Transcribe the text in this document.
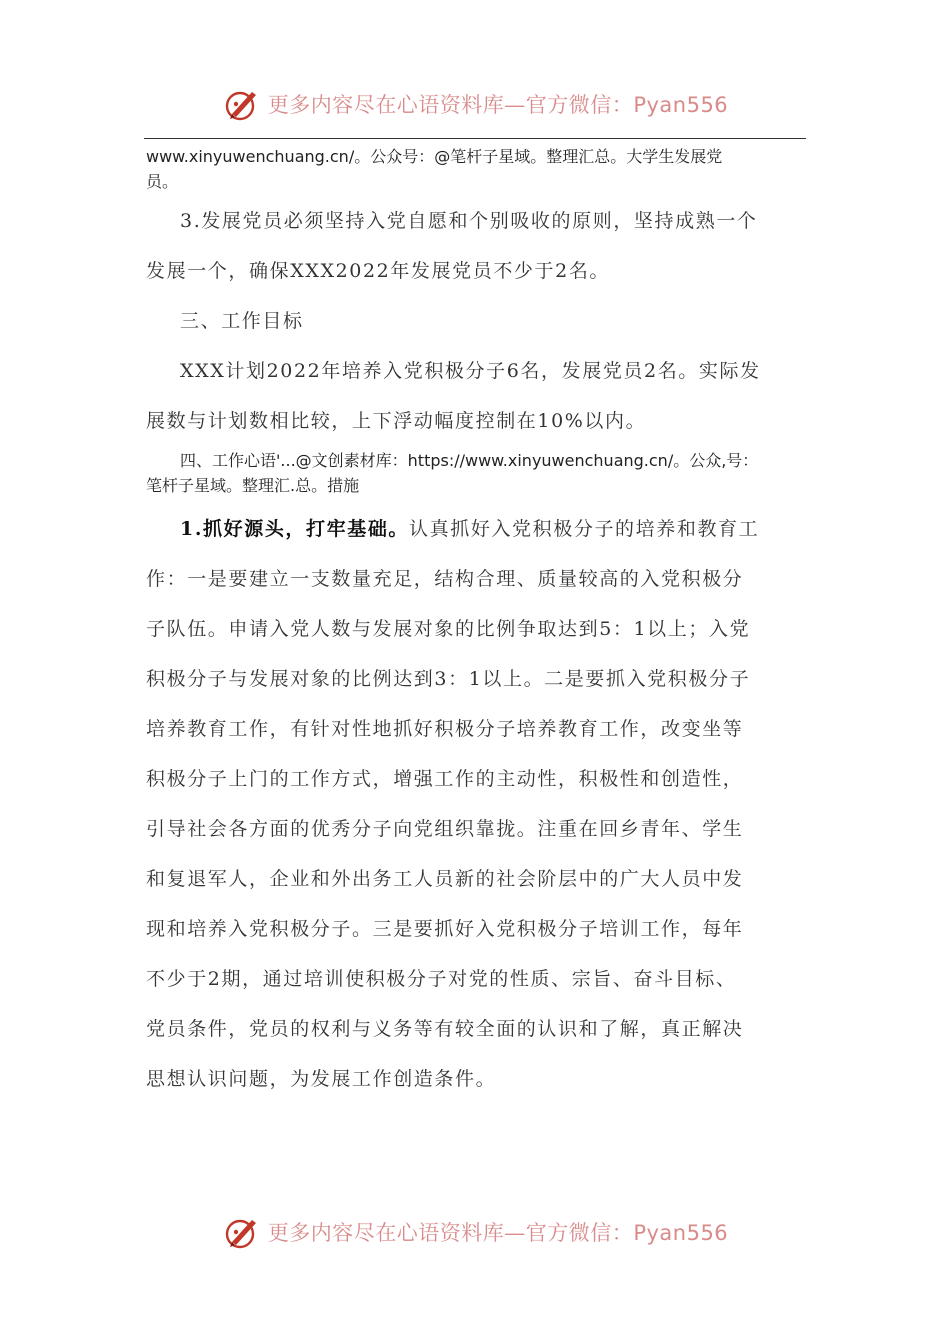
更多内容尽在心语资料库—官方微信：Pyan556

www.xinyuwenchuang.cn/。公众号：@笔杆子星域。整理汇总。大学生发展党

员。

3.发展党员必须坚持入党自愿和个别吸收的原则，坚持成熟一个

发展一个，确保XXX2022年发展党员不少于2名。

三、工作目标

XXX计划2022年培养入党积极分子6名，发展党员2名。实际发

展数与计划数相比较，上下浮动幅度控制在10%以内。

四、工作心语'...@文创素材库：https://www.xinyuwenchuang.cn/。公众,号：

笔杆子星域。整理汇.总。措施

1.抓好源头，打牢基础。认真抓好入党积极分子的培养和教育工

作：一是要建立一支数量充足，结构合理、质量较高的入党积极分

子队伍。申请入党人数与发展对象的比例争取达到5：1以上；入党

积极分子与发展对象的比例达到3：1以上。二是要抓入党积极分子

培养教育工作，有针对性地抓好积极分子培养教育工作，改变坐等

积极分子上门的工作方式，增强工作的主动性，积极性和创造性，

引导社会各方面的优秀分子向党组织靠拢。注重在回乡青年、学生

和复退军人，企业和外出务工人员新的社会阶层中的广大人员中发

现和培养入党积极分子。三是要抓好入党积极分子培训工作，每年

不少于2期，通过培训使积极分子对党的性质、宗旨、奋斗目标、

党员条件，党员的权利与义务等有较全面的认识和了解，真正解决

思想认识问题，为发展工作创造条件。

更多内容尽在心语资料库—官方微信：Pyan556
